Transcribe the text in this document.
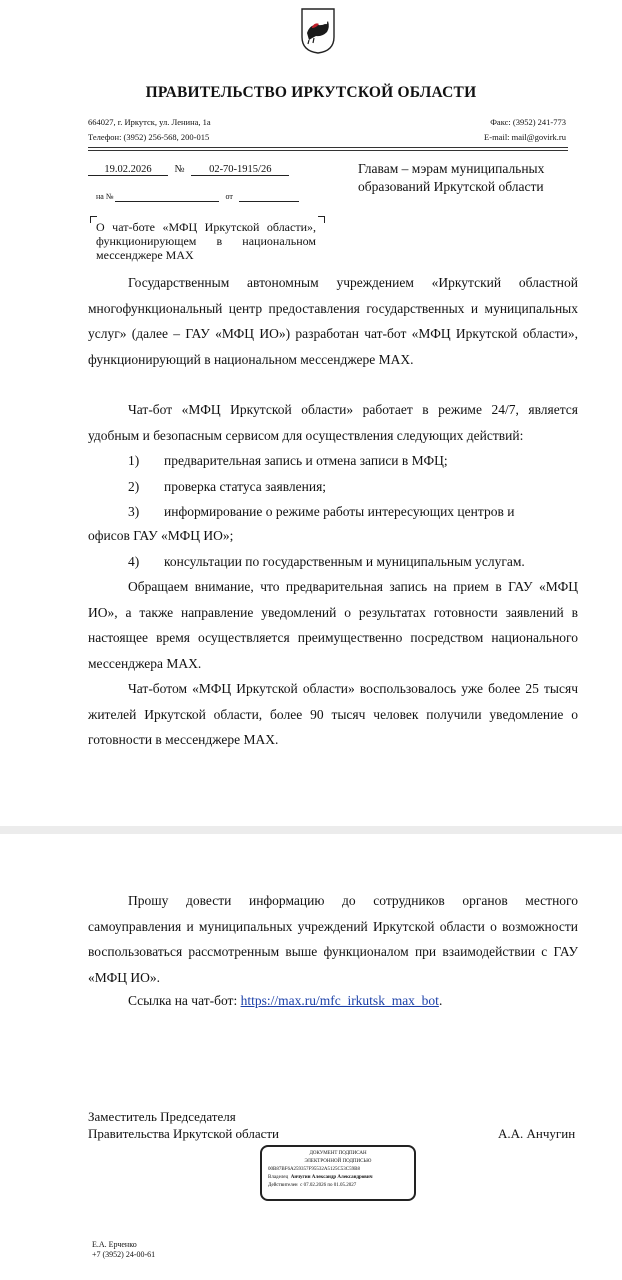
ПРАВИТЕЛЬСТВО ИРКУТСКОЙ ОБЛАСТИ
664027, г. Иркутск, ул. Ленина, 1а
Телефон: (3952) 256-568, 200-015
Факс: (3952) 241-773
E-mail: mail@govirk.ru
19.02.2026 № 02-70-1915/26
на №	от
Главам – мэрам муниципальных
образований Иркутской области
О чат-боте «МФЦ Иркутской области», функционирующем в национальном мессенджере MAX

Государственным автономным учреждением «Иркутский областной многофункциональный центр предоставления государственных и муниципальных услуг» (далее – ГАУ «МФЦ ИО») разработан чат-бот «МФЦ Иркутской области», функционирующий в национальном мессенджере MAX.

Чат-бот «МФЦ Иркутской области» работает в режиме 24/7, является удобным и безопасным сервисом для осуществления следующих действий:

1) предварительная запись и отмена записи в МФЦ;
2) проверка статуса заявления;
3) информирование о режиме работы интересующих центров и
офисов ГАУ «МФЦ ИО»;
4) консультации по государственным и муниципальным услугам.

Обращаем внимание, что предварительная запись на прием в ГАУ «МФЦ ИО», а также направление уведомлений о результатах готовности заявлений в настоящее время осуществляется преимущественно посредством национального мессенджера MAX.

Чат-ботом «МФЦ Иркутской области» воспользовалось уже более 25 тысяч жителей Иркутской области, более 90 тысяч человек получили уведомление о готовности в мессенджере MAX.

Прошу довести информацию до сотрудников органов местного самоуправления и муниципальных учреждений Иркутской области о возможности воспользоваться рассмотренным выше функционалом при взаимодействии с ГАУ «МФЦ ИО».

Ссылка на чат-бот: https://max.ru/mfc_irkutsk_max_bot.

Заместитель Председателя
Правительства Иркутской области	А.А. Анчугин
ДОКУМЕНТ ПОДПИСАН
ЭЛЕКТРОННОЙ ПОДПИСЬЮ
00B87BF6A259357F95532A5125C53C59B8
Владелец Анчугин Александр Александрович
Действителен с 07.02.2026 по 01.05.2027
Е.А. Ерченко
+7 (3952) 24-00-61
